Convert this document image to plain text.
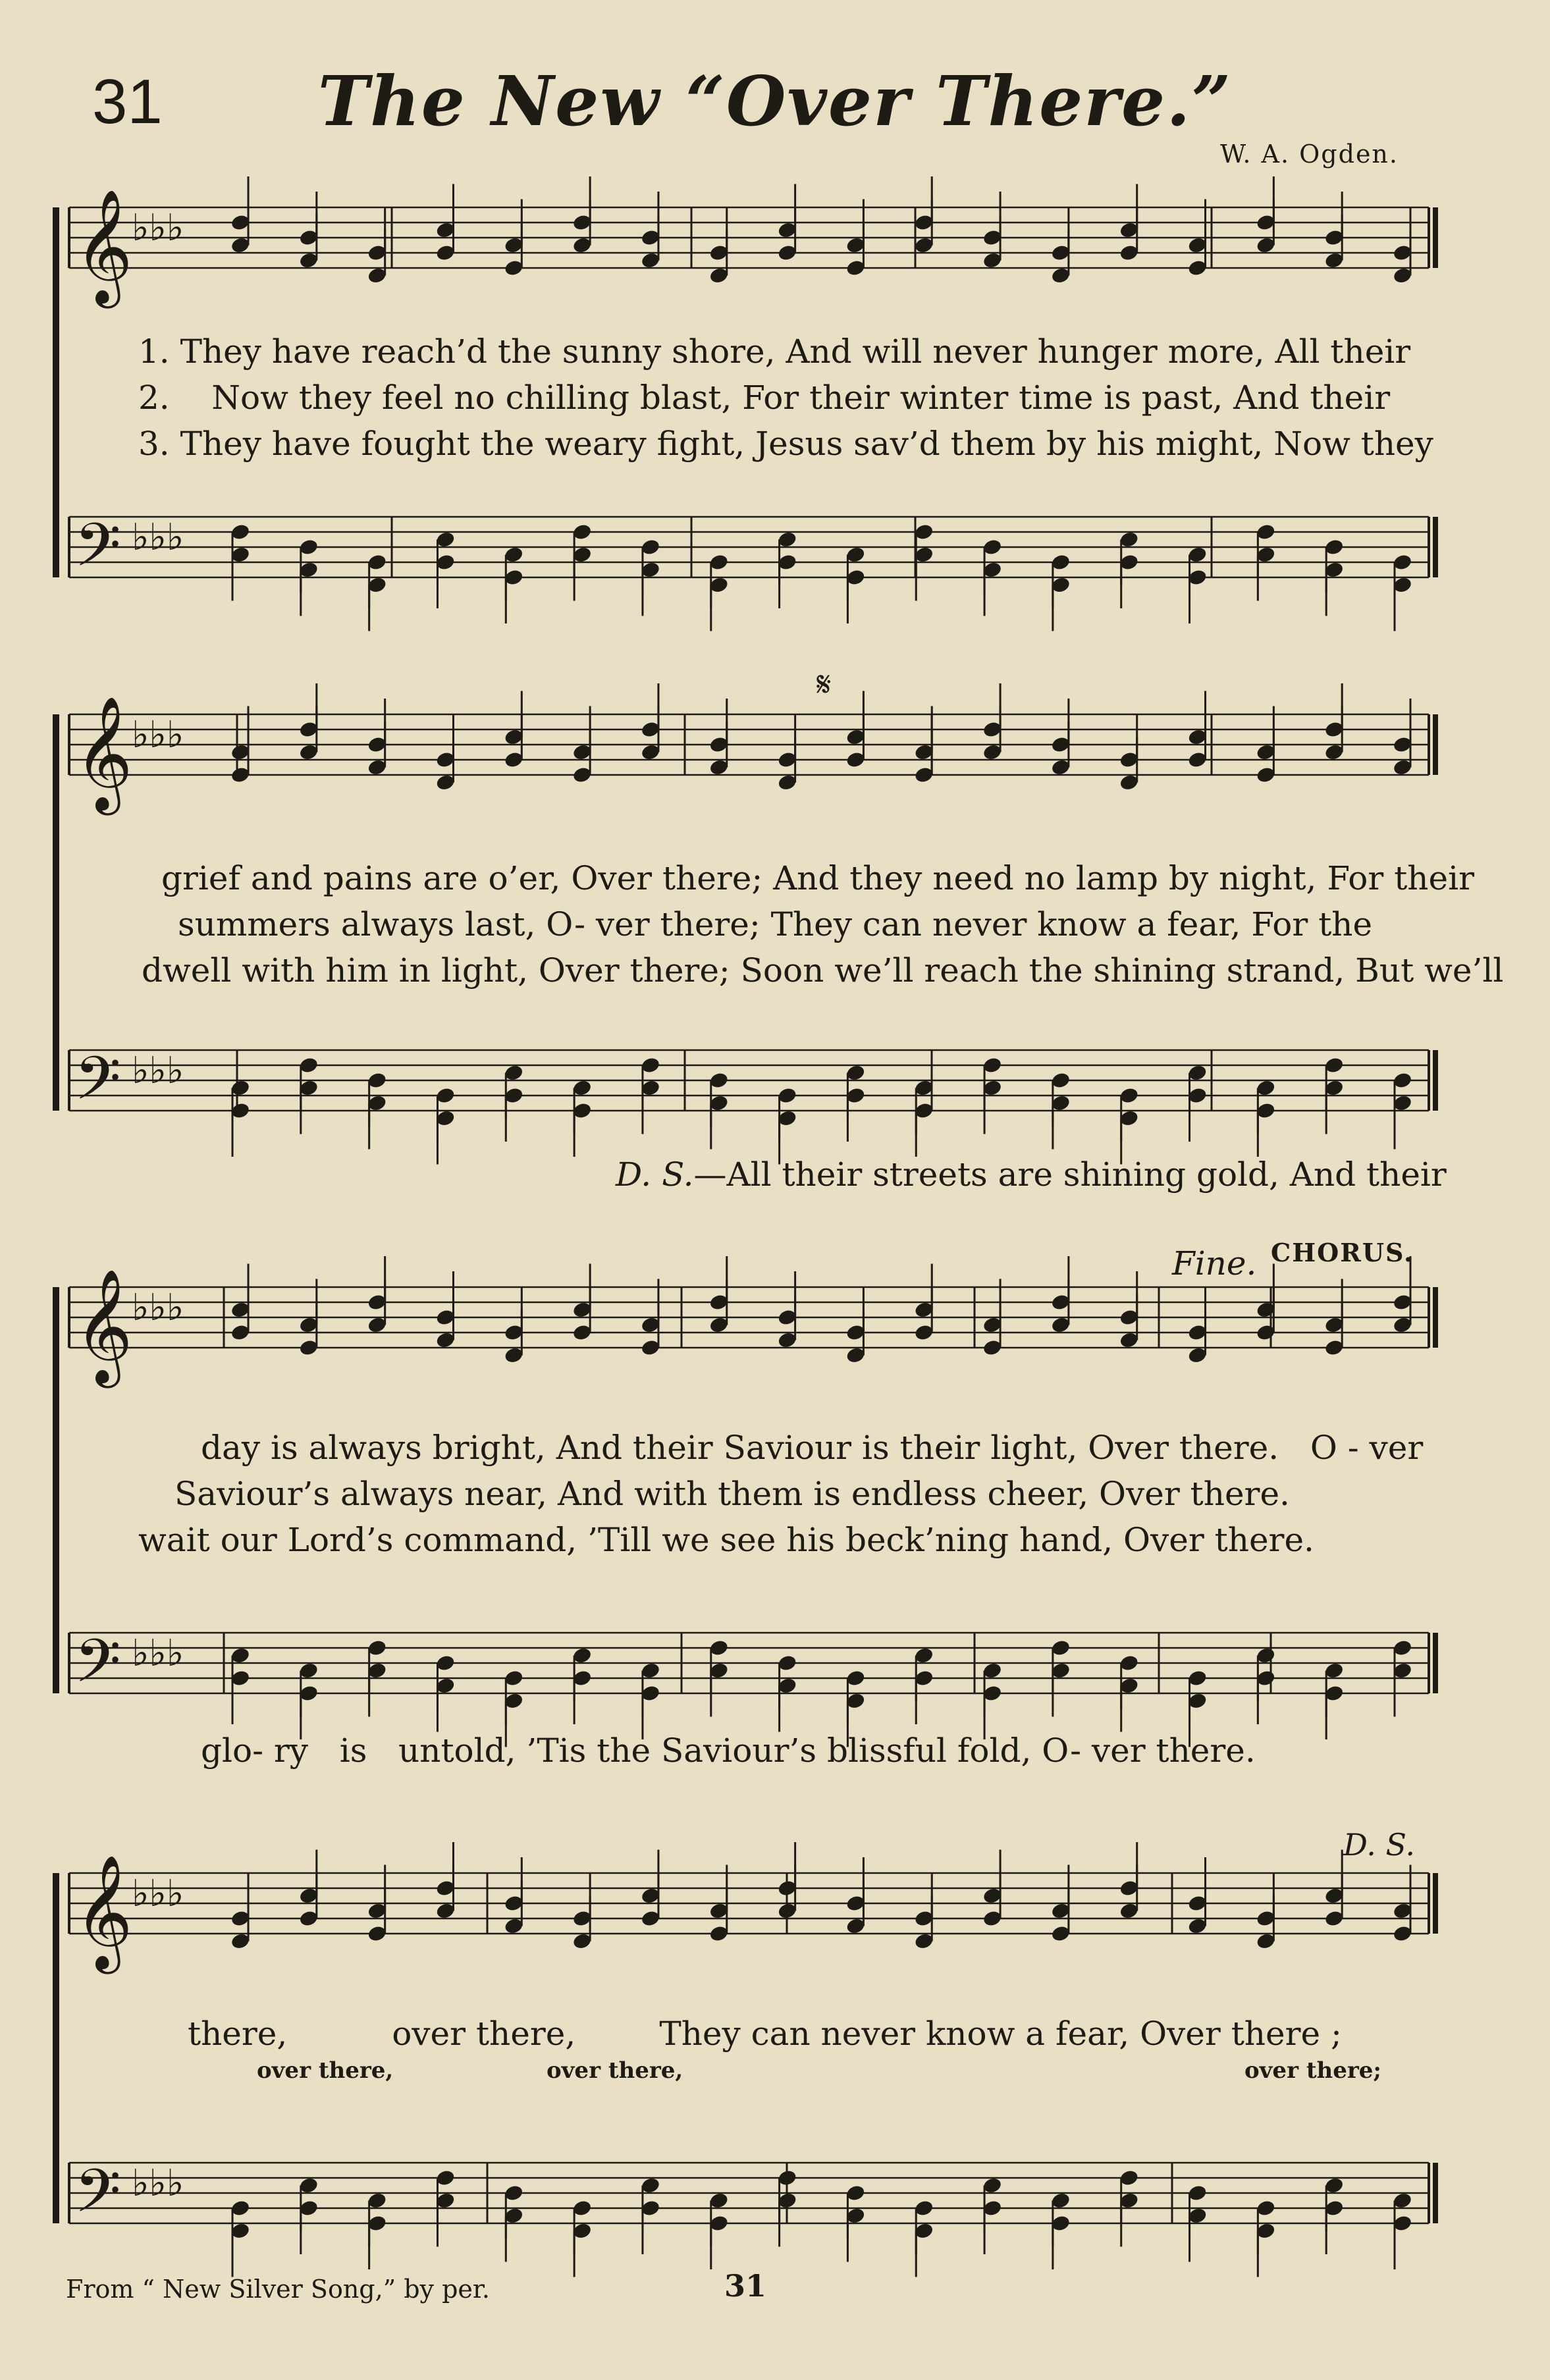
31	The New “Over There.”
W. A. Ogden.
𝄞
♭♭♭
𝄢 ♭♭♭
𝄞
♭♭♭
𝄢 ♭♭♭
𝄞
♭♭♭
𝄢 ♭♭♭
𝄞
♭♭♭
𝄢 ♭♭♭
1. They have reach’d the sunny shore, And will never hunger more, All their
2.    Now they feel no chilling blast, For their winter time is past, And their
3. They have fought the weary fight, Jesus sav’d them by his might, Now they
grief and pains are o’er, Over there; And they need no lamp by night, For their
summers always last, O- ver there; They can never know a fear, For the
dwell with him in light, Over there; Soon we’ll reach the shining strand, But we’ll
D. S.—All their streets are shining gold, And their
day is always bright, And their Saviour is their light, Over there.   O - ver
Saviour’s always near, And with them is endless cheer, Over there.
wait our Lord’s command, ’Till we see his beck’ning hand, Over there.
glo- ry   is   untold, ’Tis the Saviour’s blissful fold, O- ver there.
there,          over there,        They can never know a fear, Over there ;
over there,	over there,	over there;
𝄋
Fine. CHORUS.
D. S.
From “ New Silver Song,” by per.	31
